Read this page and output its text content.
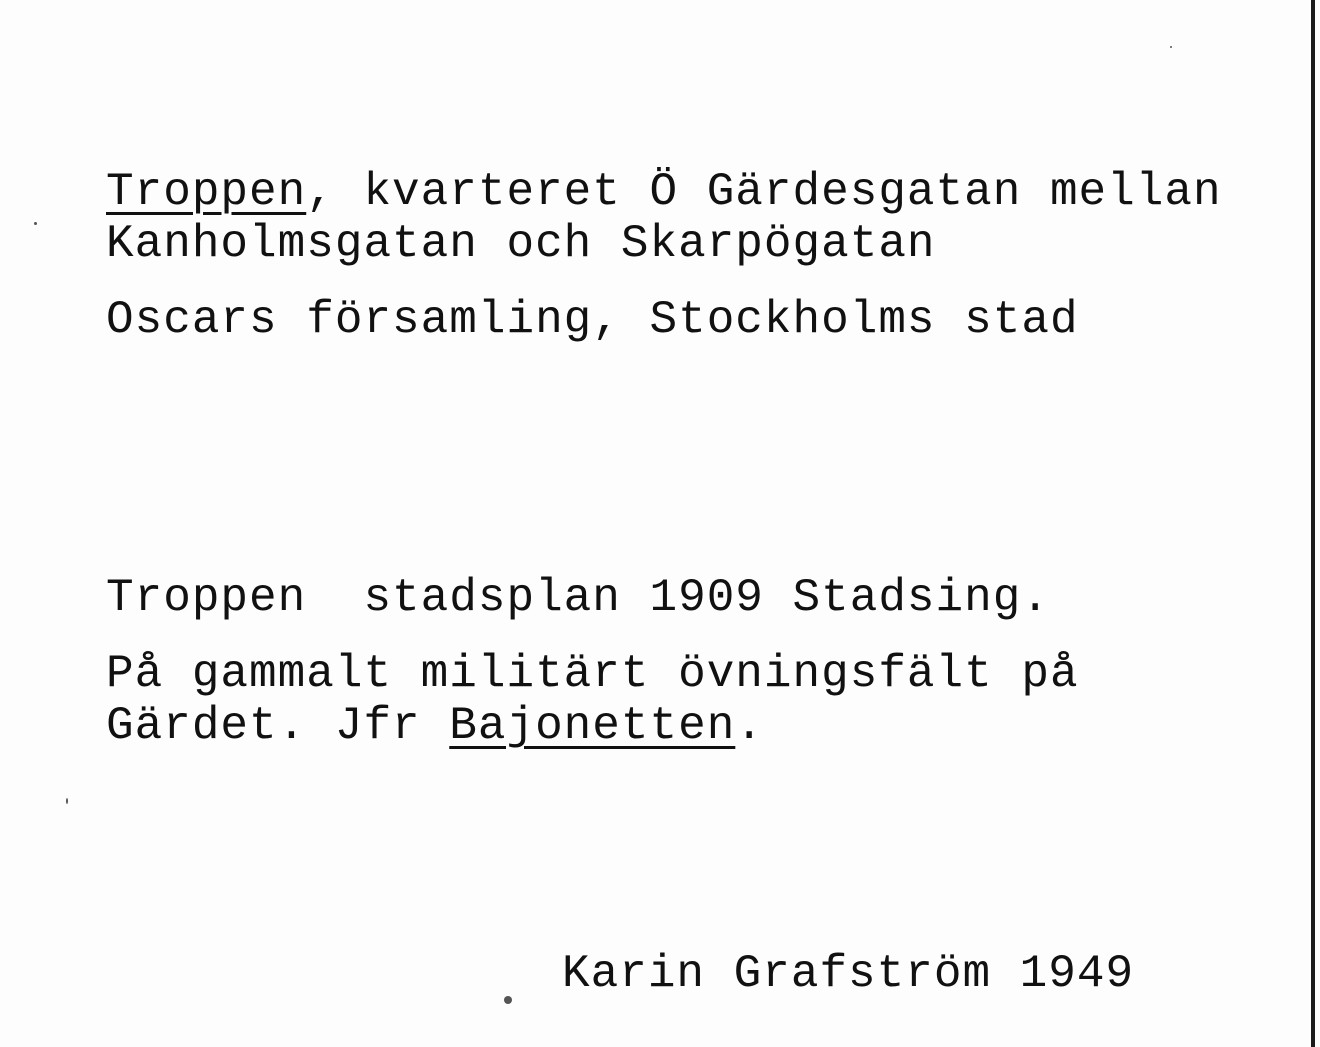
Troppen, kvarteret Ö Gärdesgatan mellan
Kanholmsgatan och Skarpögatan
Oscars församling, Stockholms stad
Troppen  stadsplan 1909 Stadsing.
På gammalt militärt övningsfält på
Gärdet. Jfr Bajonetten.
Karin Grafström 1949
